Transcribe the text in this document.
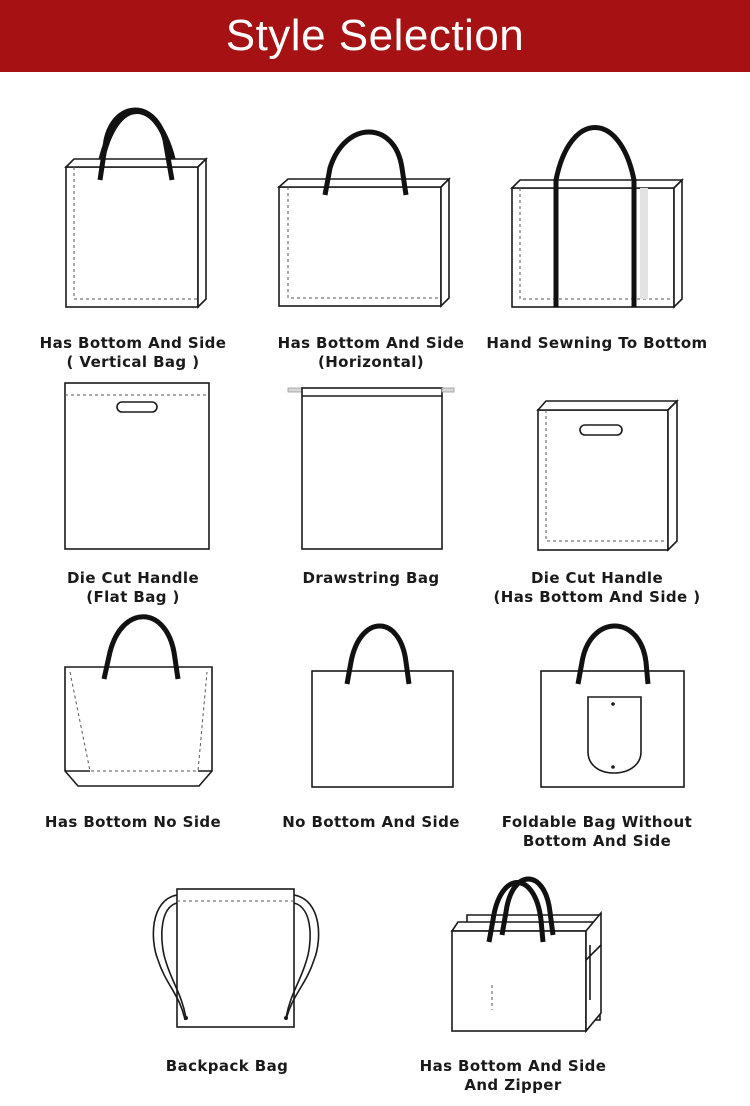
Style Selection
Has Bottom And Side
( Vertical Bag )
Has Bottom And Side
(Horizontal)
Hand Sewning To Bottom
Die Cut Handle
(Flat Bag )
Drawstring Bag	Die Cut Handle
(Has Bottom And Side )
Has Bottom No Side	No Bottom And Side	Foldable Bag Without
Bottom And Side
Backpack Bag	Has Bottom And Side
And Zipper
